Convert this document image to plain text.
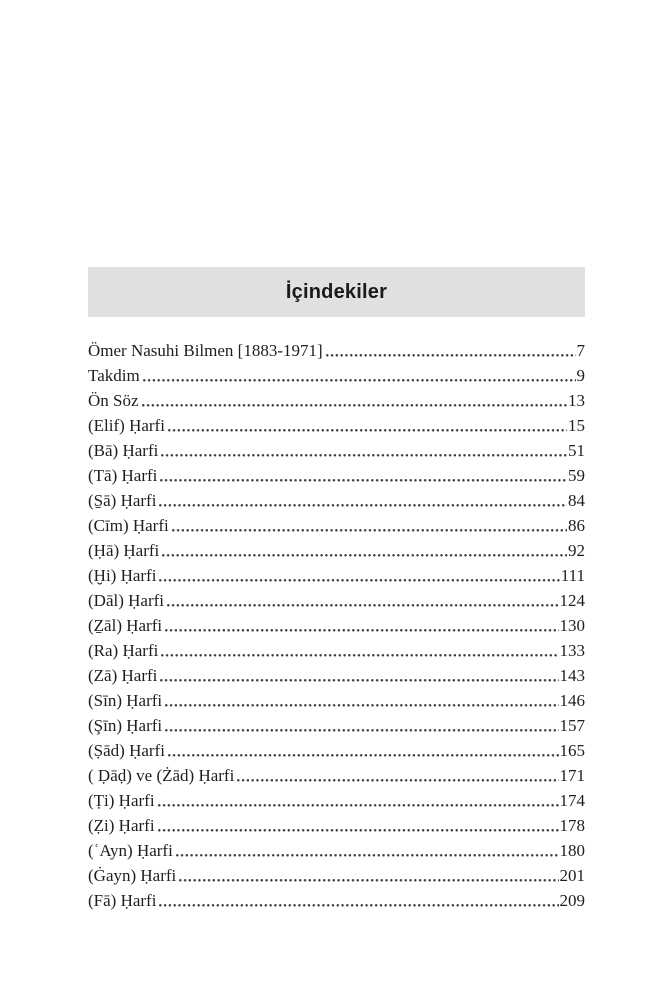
İçindekiler
Ömer Nasuhi Bilmen [1883-1971]	7
Takdim	9
Ön Söz	13
(Elif) Ḥarfi	15
(Bā) Ḥarfi	51
(Tā) Ḥarfi	59
(S̱ā) Ḥarfi	84
(Cīm) Ḥarfi	86
(Ḥā) Ḥarfi	92
(Ḫi) Ḥarfi	111
(Dāl) Ḥarfi	124
(Ẕāl) Ḥarfi	130
(Ra) Ḥarfi	133
(Zā) Ḥarfi	143
(Sīn) Ḥarfi	146
(Şīn) Ḥarfi	157
(Ṣād) Ḥarfi	165
( Ḍāḍ) ve (Żād) Ḥarfi	171
(Ṭi) Ḥarfi	174
(Ẓi) Ḥarfi	178
(ʿAyn) Ḥarfi	180
(Ġayn) Ḥarfi	201
(Fā) Ḥarfi	209
